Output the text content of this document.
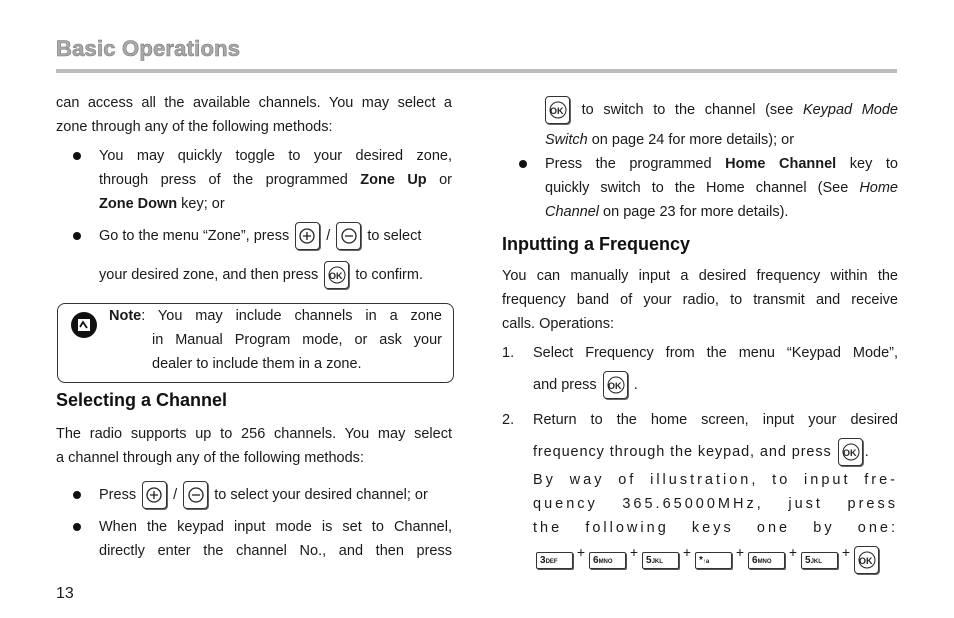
Basic Operations
can access all the available channels. You may select a
zone through any of the following methods:
You may quickly toggle to your desired zone,
through press of the programmed Zone Up or
Zone Down key; or
Go to the menu “Zone”, press	/	to select
your desired zone, and then press OK to confirm.
Note: You may include channels in a zone
in Manual Program mode, or ask your
dealer to include them in a zone.
Selecting a Channel
The radio supports up to 256 channels. You may select
a channel through any of the following methods:
Press	/	to select your desired channel; or
When the keypad input mode is set to Channel,
directly enter the channel No., and then press
13
OK to switch to the channel (see Keypad Mode
Switch on page 24 for more details); or
Press the programmed Home Channel key to
quickly switch to the Home channel (See Home
Channel on page 23 for more details).
Inputting a Frequency
You can manually input a desired frequency within the
frequency band of your radio, to transmit and receive
calls. Operations:
1. Select Frequency from the menu “Keypad Mode”,
and press OK .
2. Return to the home screen, input your desired
frequency through the keypad, and press OK .
By way of illustration, to input fre-
quency 365.65000MHz, just press
the following keys one by one:
3DEF+ 6MNO+ 5JKL+ *↑a+ 6MNO+ 5JKL+
OK
